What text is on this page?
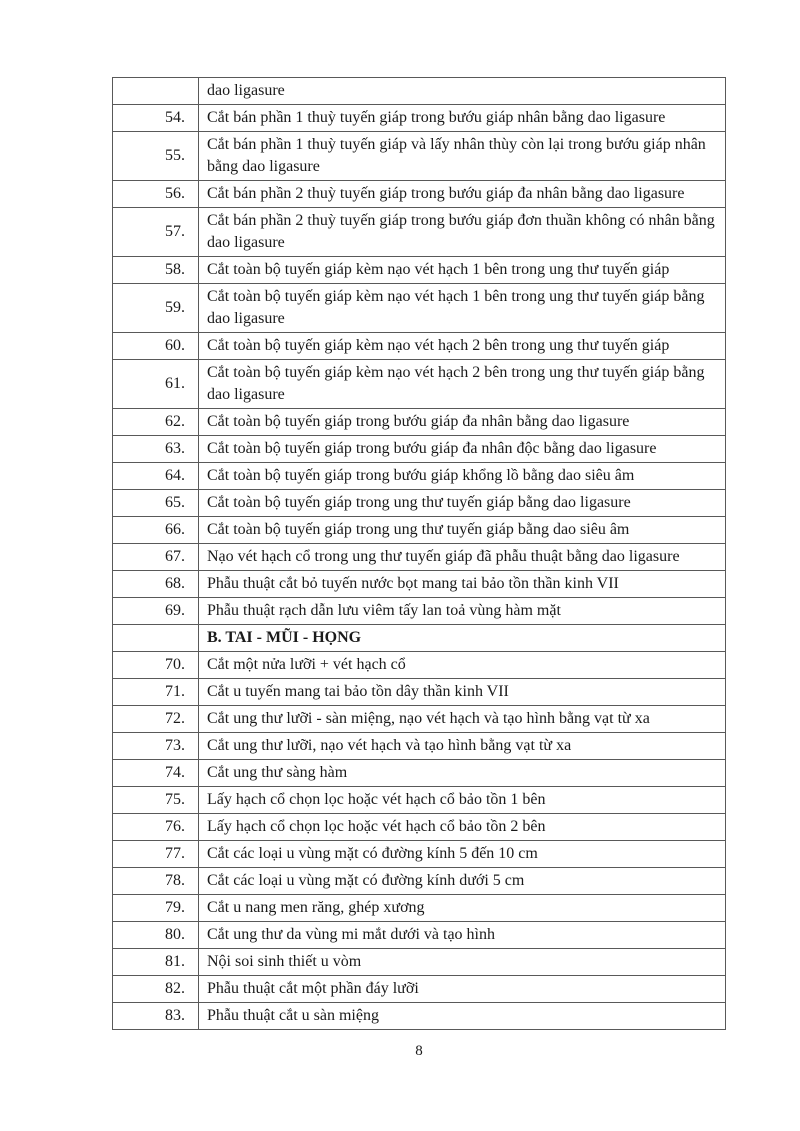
	dao ligasure
54.	Cắt bán phần 1 thuỳ tuyến giáp trong bướu giáp nhân bằng dao ligasure
55.	Cắt bán phần 1 thuỳ tuyến giáp và lấy nhân thùy còn lại trong bướu giáp nhân bằng dao ligasure
56.	Cắt bán phần 2 thuỳ tuyến giáp trong bướu giáp đa nhân bằng dao ligasure
57.	Cắt bán phần 2 thuỳ tuyến giáp trong bướu giáp đơn thuần không có nhân bằng dao ligasure
58.	Cắt toàn bộ tuyến giáp kèm nạo vét hạch 1 bên trong ung thư tuyến giáp
59.	Cắt toàn bộ tuyến giáp kèm nạo vét hạch 1 bên trong ung thư tuyến giáp bằng dao ligasure
60.	Cắt toàn bộ tuyến giáp kèm nạo vét hạch 2 bên trong ung thư tuyến giáp
61.	Cắt toàn bộ tuyến giáp kèm nạo vét hạch 2 bên trong ung thư tuyến giáp bằng dao ligasure
62.	Cắt toàn bộ tuyến giáp trong bướu giáp đa nhân bằng dao ligasure
63.	Cắt toàn bộ tuyến giáp trong bướu giáp đa nhân độc bằng dao ligasure
64.	Cắt toàn bộ tuyến giáp trong bướu giáp khổng lồ bằng dao siêu âm
65.	Cắt toàn bộ tuyến giáp trong ung thư tuyến giáp bằng dao ligasure
66.	Cắt toàn bộ tuyến giáp trong ung thư tuyến giáp bằng dao siêu âm
67.	Nạo vét hạch cổ trong ung thư tuyến giáp đã phẫu thuật bằng dao ligasure
68.	Phẫu thuật cắt bỏ tuyến nước bọt mang tai bảo tồn thần kinh VII
69.	Phẫu thuật rạch dẫn lưu viêm tấy lan toả vùng hàm mặt
	B. TAI - MŨI - HỌNG
70.	Cắt một nửa lưỡi + vét hạch cổ
71.	Cắt u tuyến mang tai bảo tồn dây thần kinh VII
72.	Cắt ung thư lưỡi - sàn miệng, nạo vét hạch và tạo hình bằng vạt từ xa
73.	Cắt ung thư lưỡi, nạo vét hạch và tạo hình bằng vạt từ xa
74.	Cắt ung thư sàng hàm
75.	Lấy hạch cổ chọn lọc hoặc vét hạch cổ bảo tồn 1 bên
76.	Lấy hạch cổ chọn lọc hoặc vét hạch cổ bảo tồn 2 bên
77.	Cắt các loại u vùng mặt có đường kính 5 đến 10 cm
78.	Cắt các loại u vùng mặt có đường kính dưới 5 cm
79.	Cắt u nang men răng, ghép xương
80.	Cắt ung thư da vùng mi mắt dưới và tạo hình
81.	Nội soi sinh thiết u vòm
82.	Phẫu thuật cắt một phần đáy lưỡi
83.	Phẫu thuật cắt u sàn miệng
8
